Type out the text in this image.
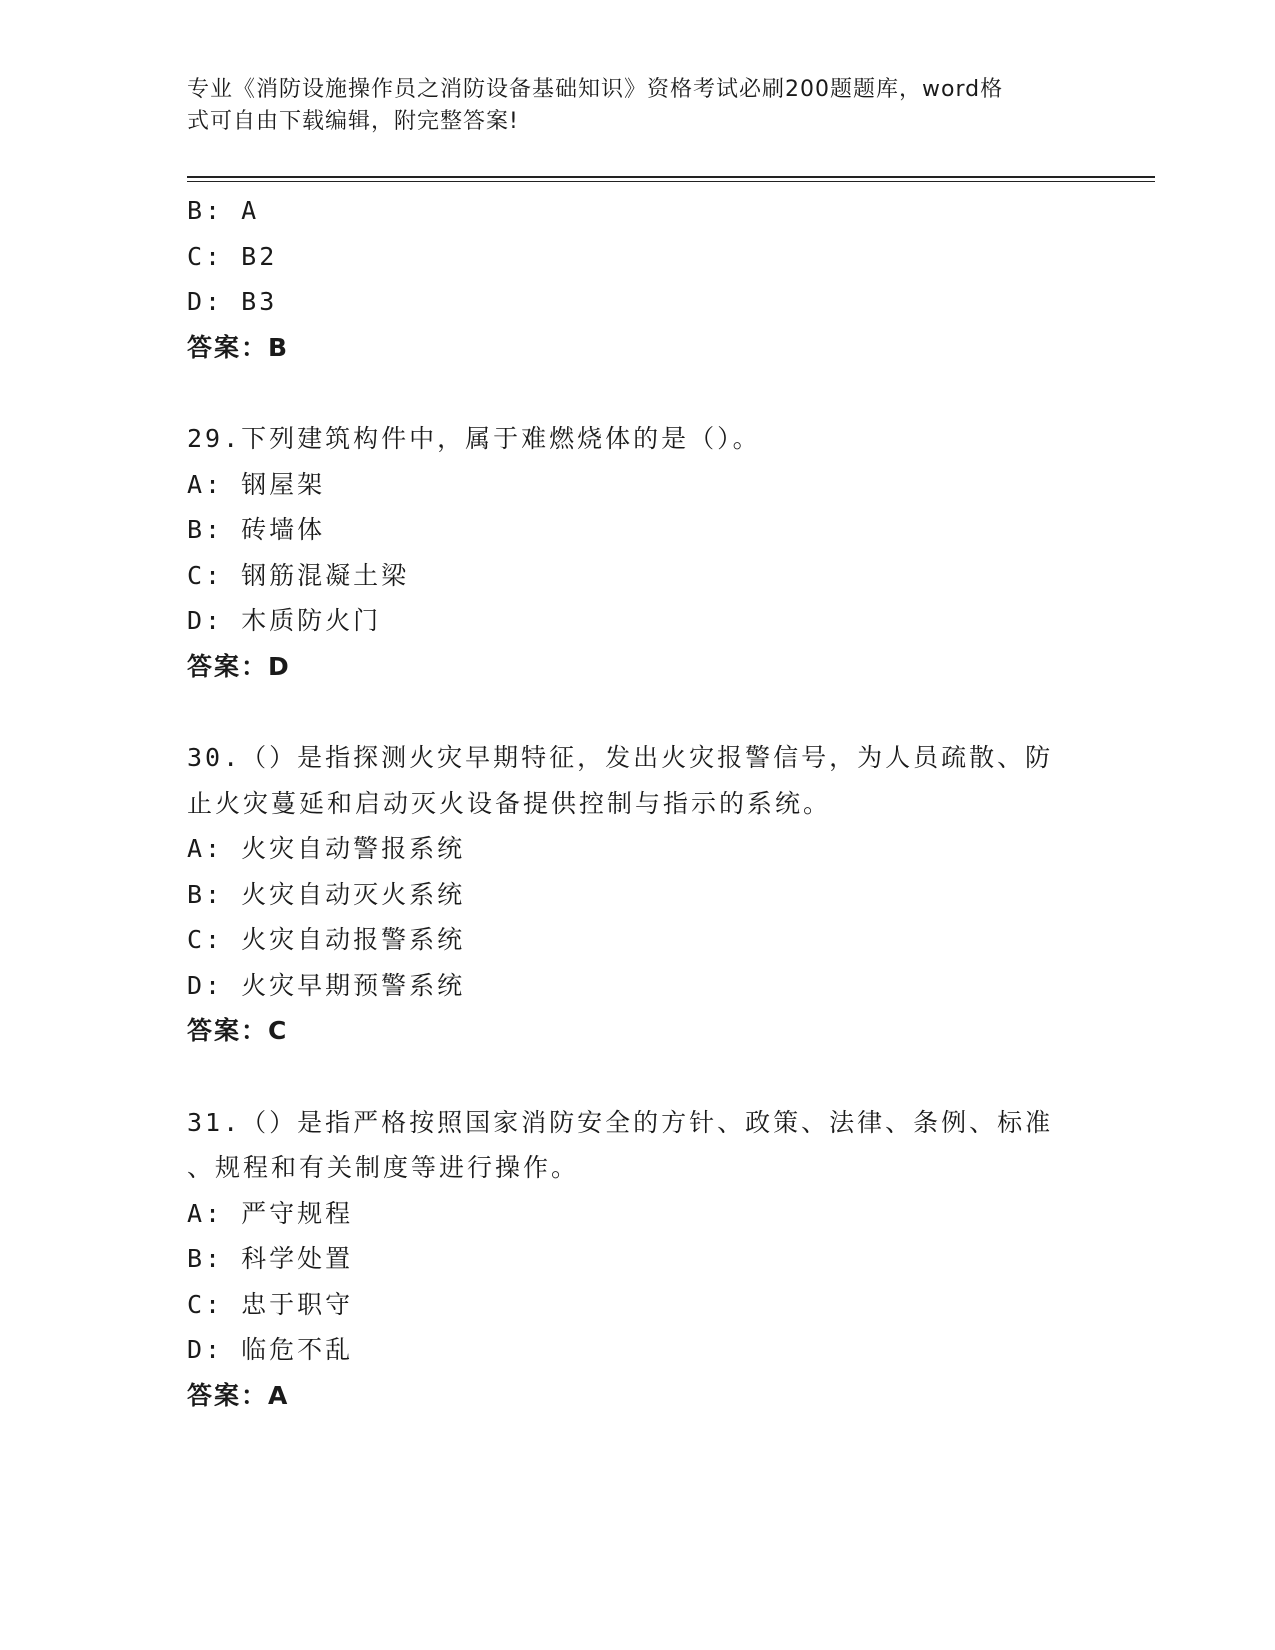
专业《消防设施操作员之消防设备基础知识》资格考试必刷200题题库，word格
式可自由下载编辑，附完整答案!
B: A
C: B2
D: B3
答案：B
29.下列建筑构件中，属于难燃烧体的是（）。
A: 钢屋架
B: 砖墙体
C: 钢筋混凝土梁
D: 木质防火门
答案：D
30.（）是指探测火灾早期特征，发出火灾报警信号，为人员疏散、防
止火灾蔓延和启动灭火设备提供控制与指示的系统。
A: 火灾自动警报系统
B: 火灾自动灭火系统
C: 火灾自动报警系统
D: 火灾早期预警系统
答案：C
31.（）是指严格按照国家消防安全的方针、政策、法律、条例、标准
、规程和有关制度等进行操作。
A: 严守规程
B: 科学处置
C: 忠于职守
D: 临危不乱
答案：A
